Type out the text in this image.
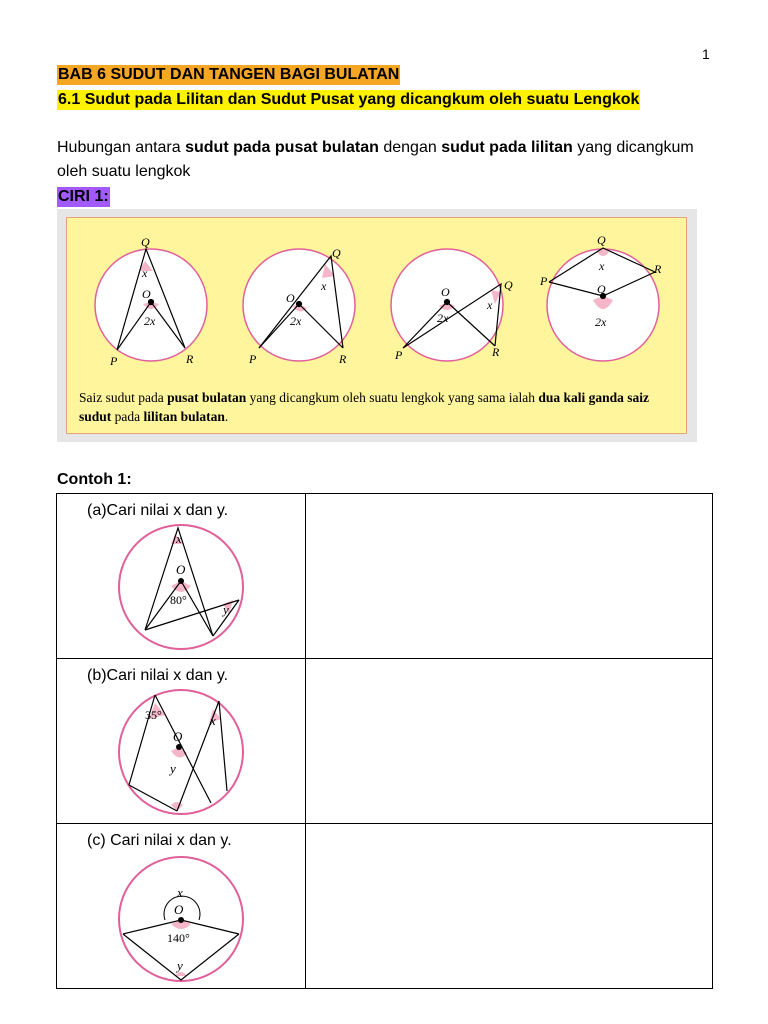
1
BAB 6 SUDUT DAN TANGEN BAGI BULATAN
6.1 Sudut pada Lilitan dan Sudut Pusat yang dicangkum oleh suatu Lengkok
Hubungan antara sudut pada pusat bulatan dengan sudut pada lilitan yang dicangkum oleh suatu lengkok
CIRI 1:
Q
x
O
2x
P	R
Q
x
O
2x
P	R
O	Q
x
2x
P	R
Q
x	R
P
O
2x
Saiz sudut pada pusat bulatan yang dicangkum oleh suatu lengkok yang sama ialah dua kali ganda saiz sudut pada lilitan bulatan.
Contoh 1:
(a)Cari nilai x dan y.
x
O
y
80°	

(b)Cari nilai x dan y.
x
O
y
35°	

(c) Cari nilai x dan y.
x
O
y
140°	
